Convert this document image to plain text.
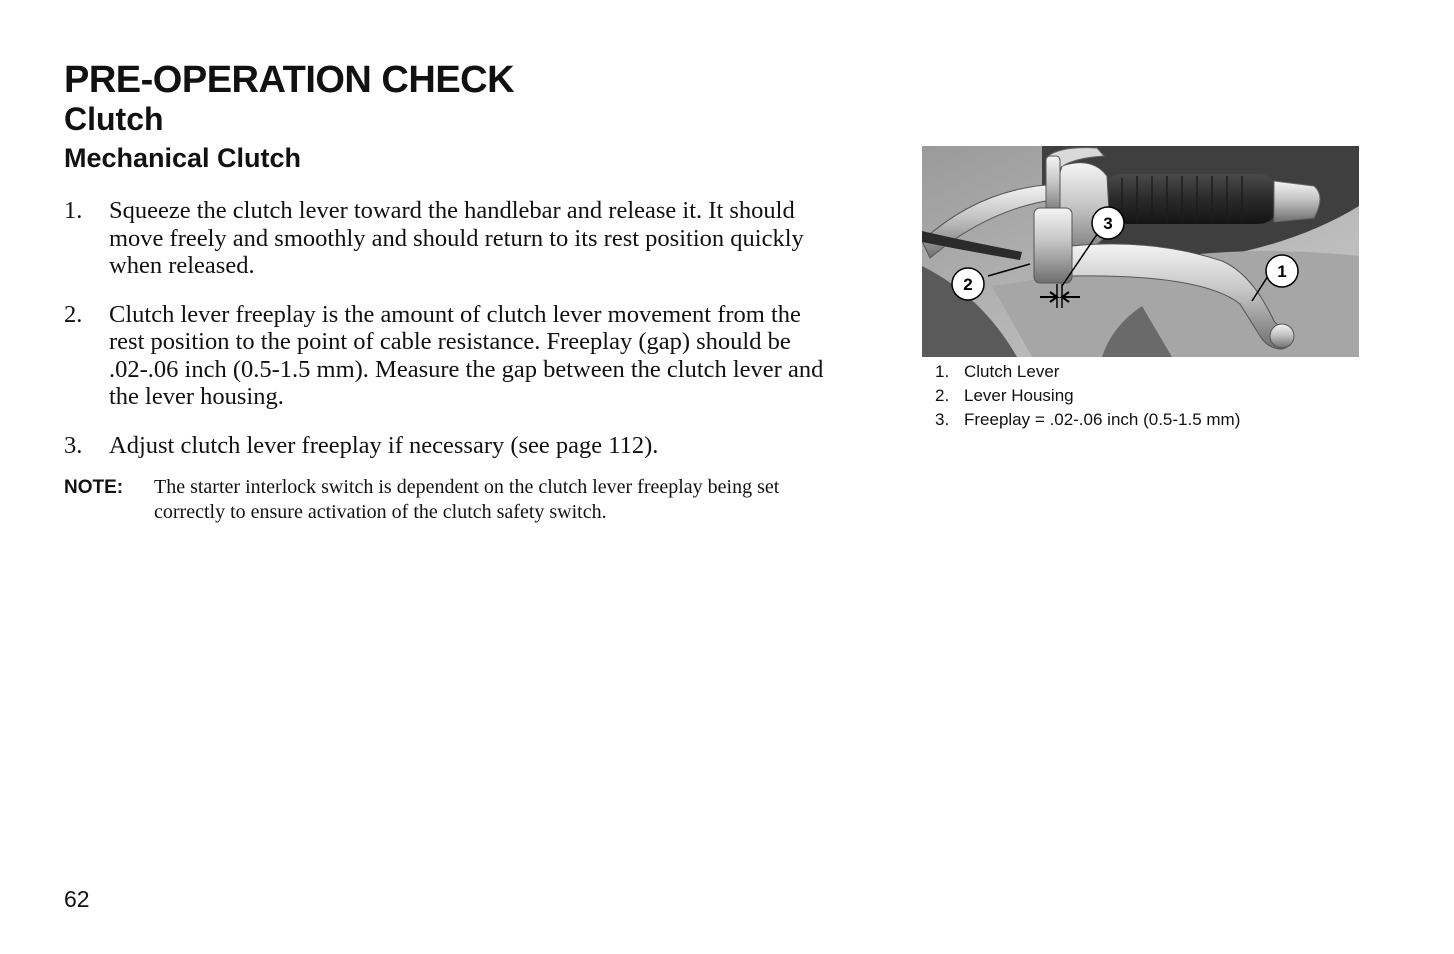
PRE-OPERATION CHECK
Clutch
Mechanical Clutch
1. Squeeze the clutch lever toward the handlebar and release it. It should move freely and smoothly and should return to its rest position quickly when released.
2. Clutch lever freeplay is the amount of clutch lever movement from the rest position to the point of cable resistance. Freeplay (gap) should be .02-.06 inch (0.5-1.5 mm). Measure the gap between the clutch lever and the lever housing.
3. Adjust clutch lever freeplay if necessary (see page 112).
NOTE: The starter interlock switch is dependent on the clutch lever freeplay being set correctly to ensure activation of the clutch safety switch.
3
2
1
1. Clutch Lever
2. Lever Housing
3. Freeplay = .02-.06 inch (0.5-1.5 mm)
62
